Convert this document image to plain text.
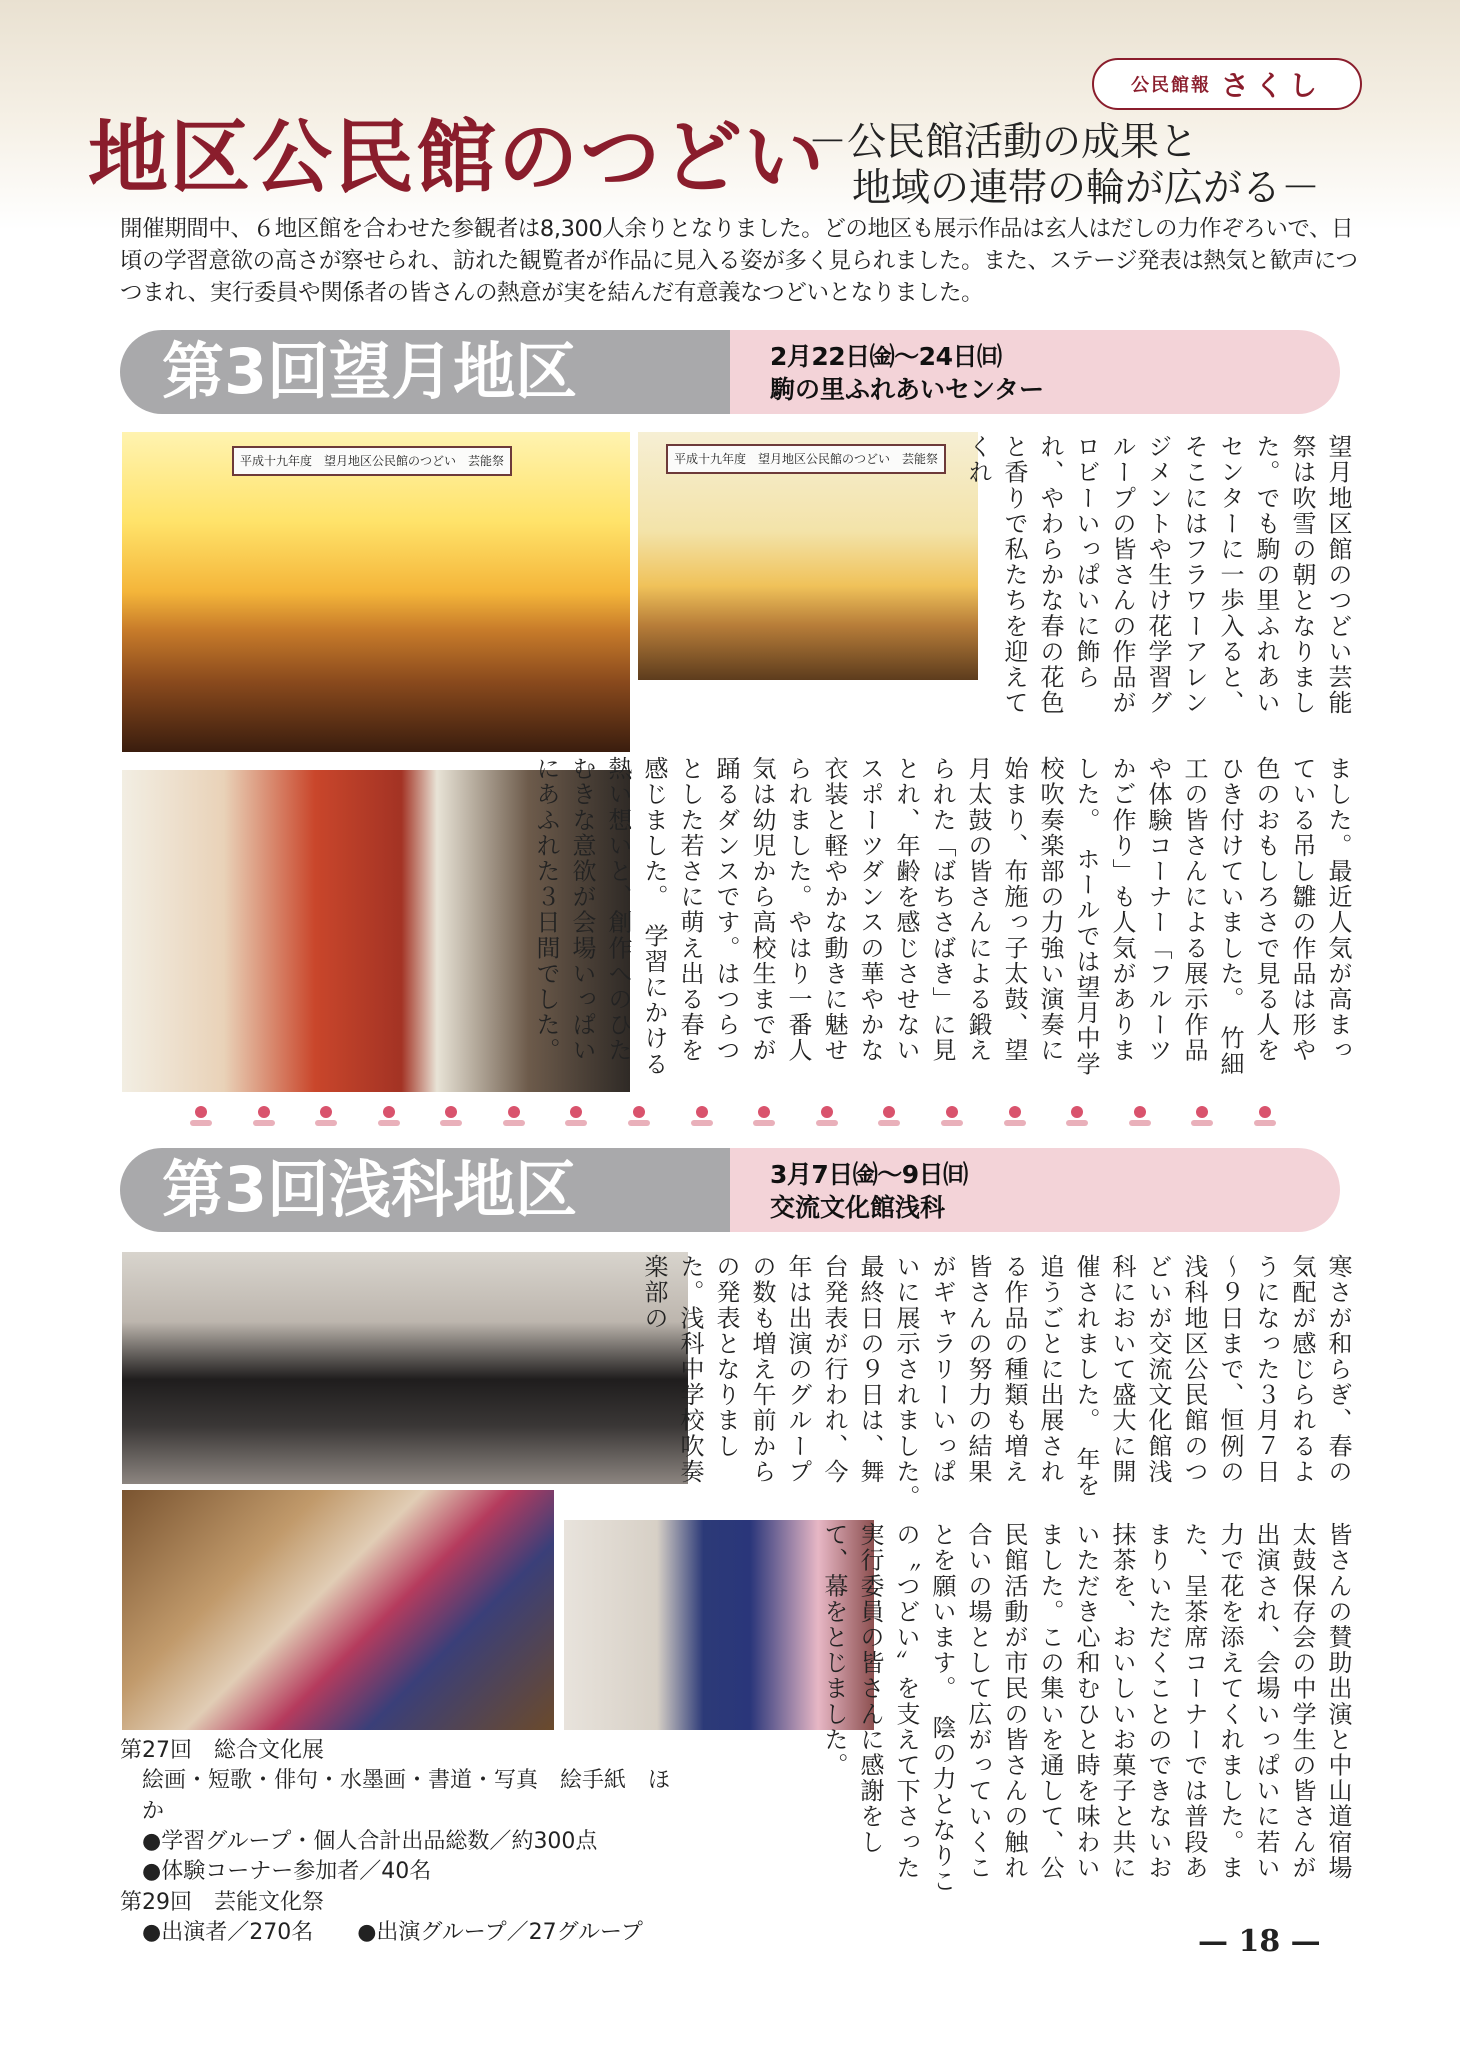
公民館報 さくし
地区公民館のつどい
－公民館活動の成果と
地域の連帯の輪が広がる－

開催期間中、６地区館を合わせた参観者は8,300人余りとなりました。どの地区も展示作品は玄人はだしの力作ぞろいで、日頃の学習意欲の高さが察せられ、訪れた観覧者が作品に見入る姿が多く見られました。また、ステージ発表は熱気と歓声につつまれ、実行委員や関係者の皆さんの熱意が実を結んだ有意義なつどいとなりました。

第3回望月地区	2月22日㈮～24日㈰
駒の里ふれあいセンター
平成十九年度　望月地区公民館のつどい　芸能祭	平成十九年度　望月地区公民館のつどい　芸能祭	望月地区館のつどい芸能祭は吹雪の朝となりました。でも駒の里ふれあいセンターに一歩入ると、そこにはフラワーアレンジメントや生け花学習グループの皆さんの作品がロビーいっぱいに飾られ、やわらかな春の花色と香りで私たちを迎えてくれ
ました。最近人気が高まっている吊し雛の作品は形や色のおもしろさで見る人をひき付けていました。　竹細工の皆さんによる展示作品や体験コーナー「フルーツかご作り」も人気がありました。　ホールでは望月中学校吹奏楽部の力強い演奏に始まり、布施っ子太鼓、望月太鼓の皆さんによる鍛えられた「ばちさばき」に見とれ、年齢を感じさせないスポーツダンスの華やかな衣装と軽やかな動きに魅せられました。やはり一番人気は幼児から高校生までが踊るダンスです。はつらつとした若さに萌え出る春を感じました。　学習にかける熱い想いと、創作へのひたむきな意欲が会場いっぱいにあふれた３日間でした。
第3回浅科地区	3月7日㈮～9日㈰
交流文化館浅科
寒さが和らぎ、春の気配が感じられるようになった３月７日～９日まで、恒例の浅科地区公民館のつどいが交流文化館浅科において盛大に開催されました。　年を追うごとに出展される作品の種類も増え皆さんの努力の結果がギャラリーいっぱいに展示されました。　最終日の９日は、舞台発表が行われ、今年は出演のグループの数も増え午前からの発表となりました。浅科中学校吹奏楽部の
皆さんの賛助出演と中山道宿場太鼓保存会の中学生の皆さんが出演され、会場いっぱいに若い力で花を添えてくれました。また、呈茶席コーナーでは普段あまりいただくことのできないお抹茶を、おいしいお菓子と共にいただき心和むひと時を味わいました。この集いを通して、公民館活動が市民の皆さんの触れ合いの場として広がっていくことを願います。　陰の力となりこの〝つどい〟を支えて下さった実行委員の皆さんに感謝をして、幕をとじました。
第27回　総合文化展
絵画・短歌・俳句・水墨画・書道・写真　絵手紙　ほか
●学習グループ・個人合計出品総数／約300点
●体験コーナー参加者／40名
第29回　芸能文化祭
●出演者／270名　　●出演グループ／27グループ	— 18 —
